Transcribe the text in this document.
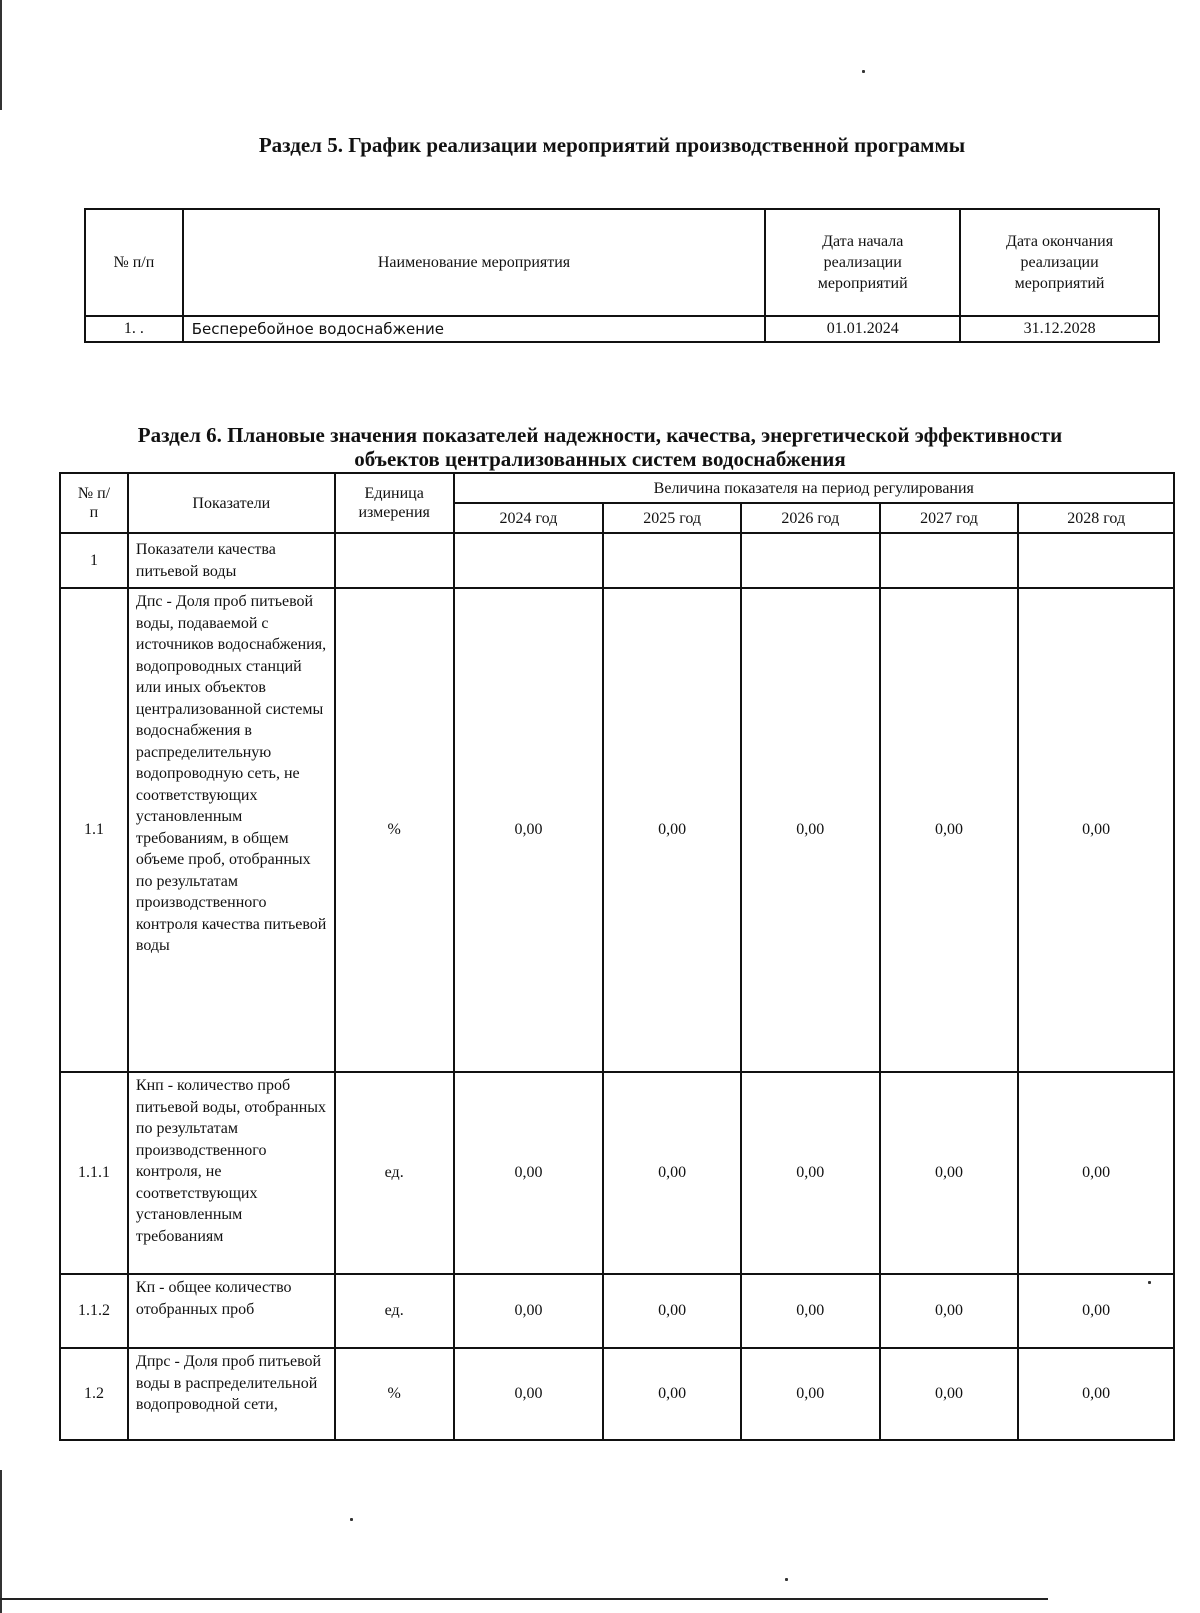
Раздел 5. График реализации мероприятий производственной программы
№ п/п	Наименование мероприятия	Дата начала реализации мероприятий	Дата окончания реализации мероприятий
1. .	Бесперебойное водоснабжение	01.01.2024	31.12.2028
Раздел 6. Плановые значения показателей надежности, качества, энергетической эффективности
объектов централизованных систем водоснабжения
№ п/п	Показатели	Единица измерения	Величина показателя на период регулирования				
			2024 год	2025 год	2026 год	2027 год	2028 год
1	Показатели качества питьевой воды						
1.1	Дпс - Доля проб питьевой воды, подаваемой с источников водоснабжения, водопроводных станций или иных объектов централизованной системы водоснабжения в распределительную водопроводную сеть, не соответствующих установленным требованиям, в общем объеме проб, отобранных по результатам производственного контроля качества питьевой воды	%	0,00	0,00	0,00	0,00	0,00
1.1.1	Кнп - количество проб питьевой воды, отобранных по результатам производственного контроля, не соответствующих установленным требованиям	ед.	0,00	0,00	0,00	0,00	0,00
1.1.2	Кп - общее количество отобранных проб	ед.	0,00	0,00	0,00	0,00	0,00
1.2	Дпрс - Доля проб питьевой воды в распределительной водопроводной сети,	%	0,00	0,00	0,00	0,00	0,00
